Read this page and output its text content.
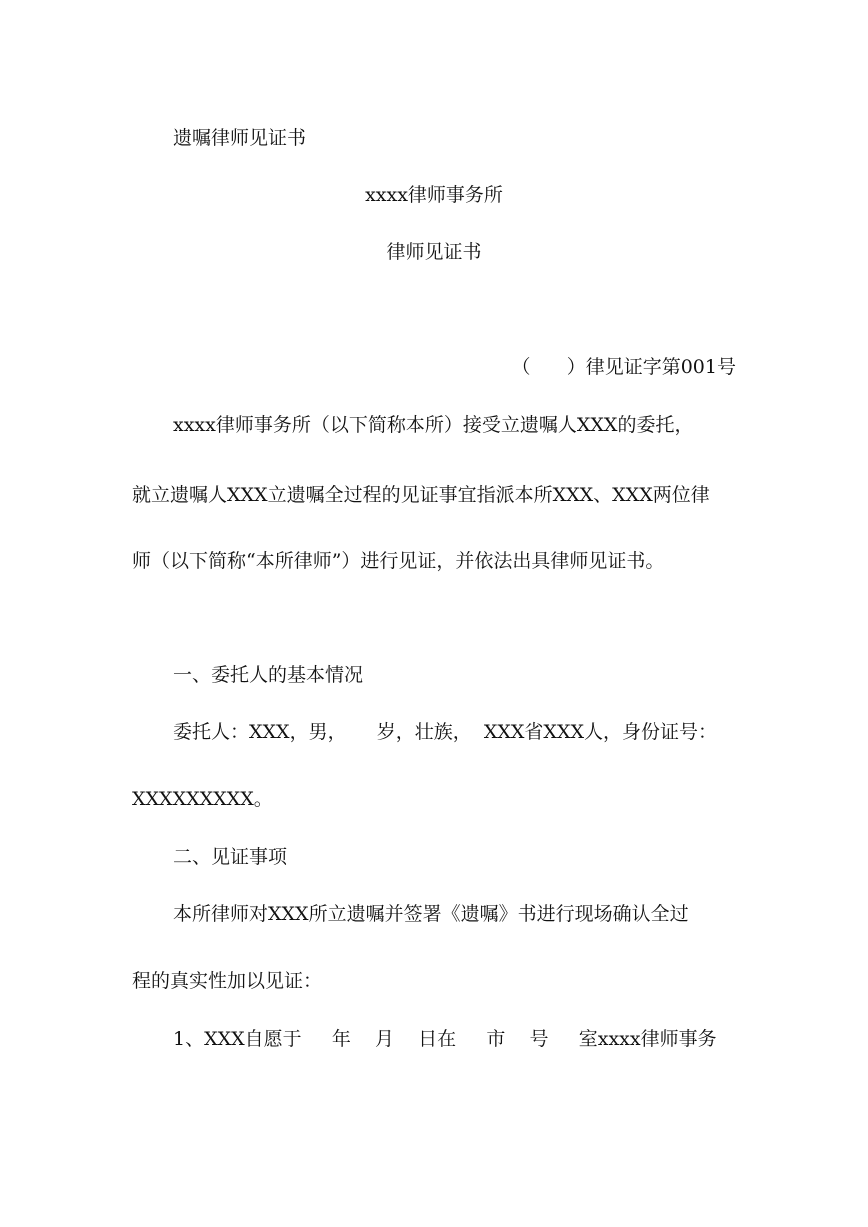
遗嘱律师见证书
xxxx律师事务所
律师见证书
（      ）律见证字第001号
xxxx律师事务所（以下简称本所）接受立遗嘱人XXX的委托，
就立遗嘱人XXX立遗嘱全过程的见证事宜指派本所XXX、XXX两位律
师（以下简称“本所律师”）进行见证，并依法出具律师见证书。
一、委托人的基本情况
委托人：XXX，男，     岁，壮族，  XXX省XXX人，身份证号：
XXXXXXXXX。
二、见证事项
本所律师对XXX所立遗嘱并签署《遗嘱》书进行现场确认全过
程的真实性加以见证：
1、XXX自愿于     年    月    日在     市    号     室xxxx律师事务
